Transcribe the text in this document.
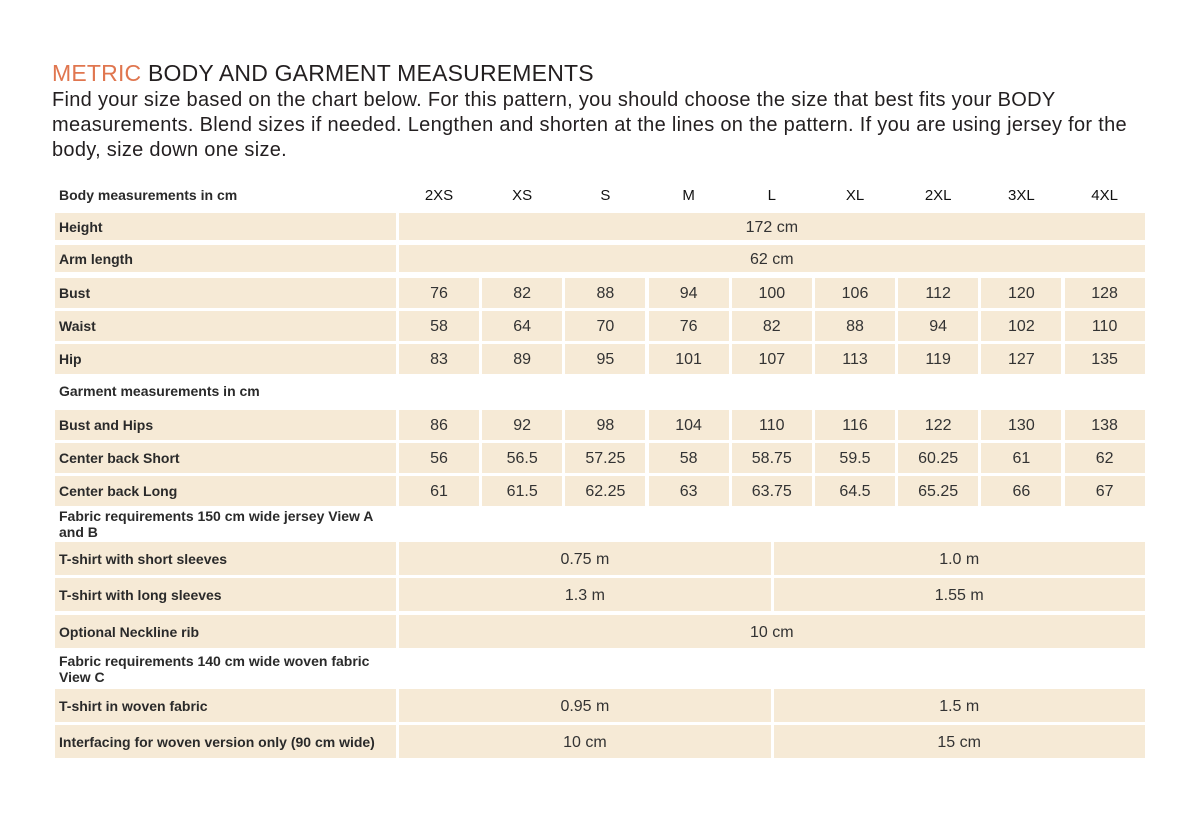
METRIC BODY AND GARMENT MEASUREMENTS
Find your size based on the chart below. For this pattern, you should choose the size that best fits your BODY
measurements. Blend sizes if needed. Lengthen and shorten at the lines on the pattern. If you are using jersey for the
body, size down one size.
Body measurements in cm	2XS	XS	S	M	L	XL	2XL	3XL	4XL
Height	172 cm
Arm length	62 cm
Bust	76	82	88	94	100	106	112	120	128
Waist	58	64	70	76	82	88	94	102	110
Hip	83	89	95	101	107	113	119	127	135
Garment measurements in cm
Bust and Hips	86	92	98	104	110	116	122	130	138
Center back Short	56	56.5	57.25	58	58.75	59.5	60.25	61	62
Center back Long	61	61.5	62.25	63	63.75	64.5	65.25	66	67
Fabric requirements 150 cm wide jersey View A and B
T-shirt with short sleeves	0.75 m	1.0 m
T-shirt with long sleeves	1.3 m	1.55 m
Optional Neckline rib	10 cm
Fabric requirements 140 cm wide woven fabric View C
T-shirt in woven fabric	0.95 m	1.5 m
Interfacing for woven version only (90 cm wide)	10 cm	15 cm
